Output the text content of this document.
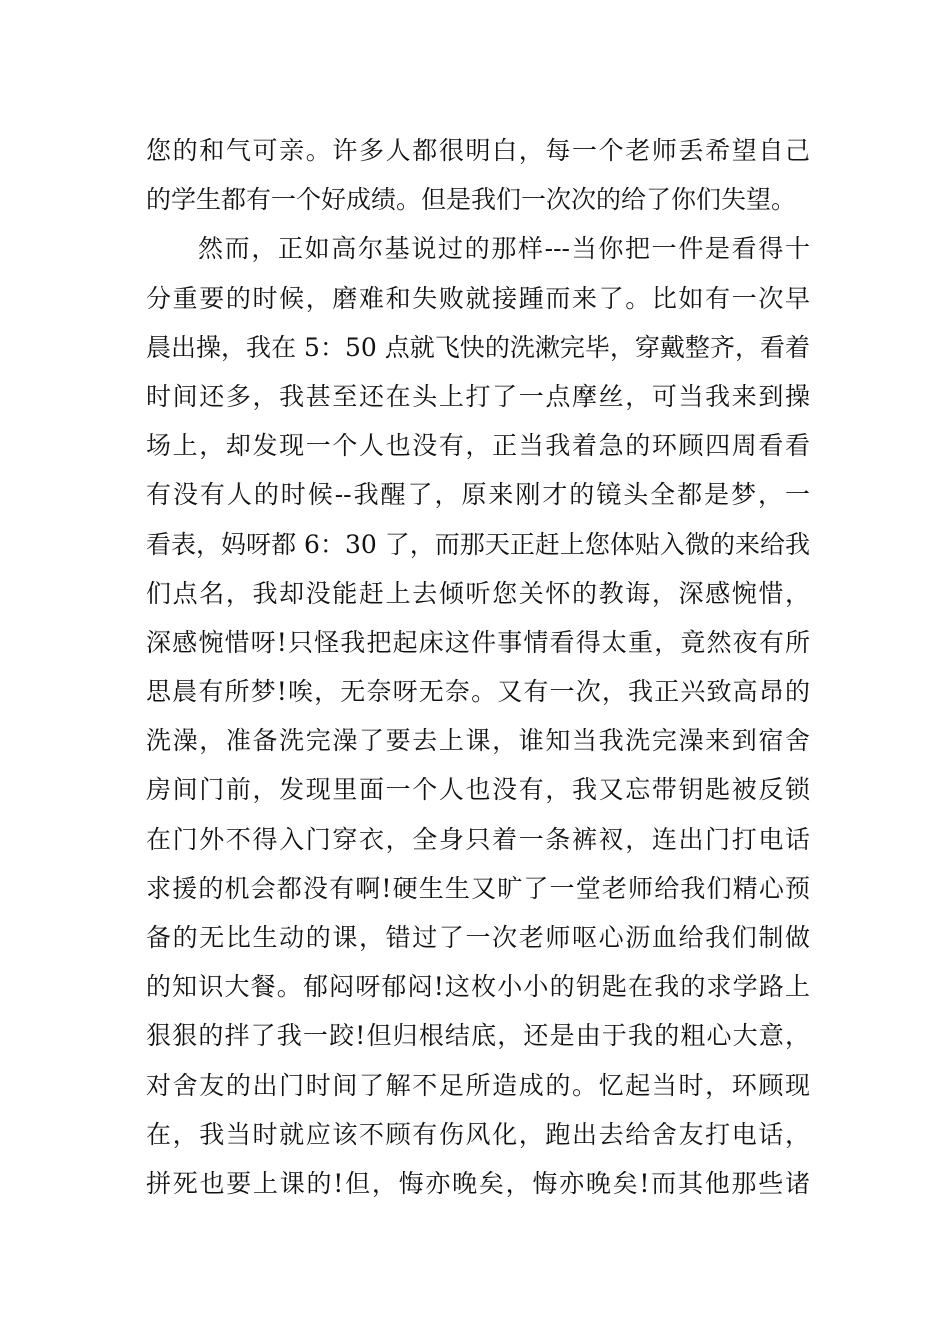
您的和气可亲。许多人都很明白，每一个老师丢希望自己
的学生都有一个好成绩。但是我们一次次的给了你们失望。
然而，正如高尔基说过的那样---当你把一件是看得十
分重要的时候，磨难和失败就接踵而来了。比如有一次早
晨出操，我在 5：50 点就飞快的洗漱完毕，穿戴整齐，看着
时间还多，我甚至还在头上打了一点摩丝，可当我来到操
场上，却发现一个人也没有，正当我着急的环顾四周看看
有没有人的时候--我醒了，原来刚才的镜头全都是梦，一
看表，妈呀都 6：30 了，而那天正赶上您体贴入微的来给我
们点名，我却没能赶上去倾听您关怀的教诲，深感惋惜，
深感惋惜呀!只怪我把起床这件事情看得太重，竟然夜有所
思晨有所梦!唉，无奈呀无奈。又有一次，我正兴致高昂的
洗澡，准备洗完澡了要去上课，谁知当我洗完澡来到宿舍
房间门前，发现里面一个人也没有，我又忘带钥匙被反锁
在门外不得入门穿衣，全身只着一条裤衩，连出门打电话
求援的机会都没有啊!硬生生又旷了一堂老师给我们精心预
备的无比生动的课，错过了一次老师呕心沥血给我们制做
的知识大餐。郁闷呀郁闷!这枚小小的钥匙在我的求学路上
狠狠的拌了我一跤!但归根结底，还是由于我的粗心大意，
对舍友的出门时间了解不足所造成的。忆起当时，环顾现
在，我当时就应该不顾有伤风化，跑出去给舍友打电话，
拼死也要上课的!但，悔亦晚矣，悔亦晚矣!而其他那些诸
